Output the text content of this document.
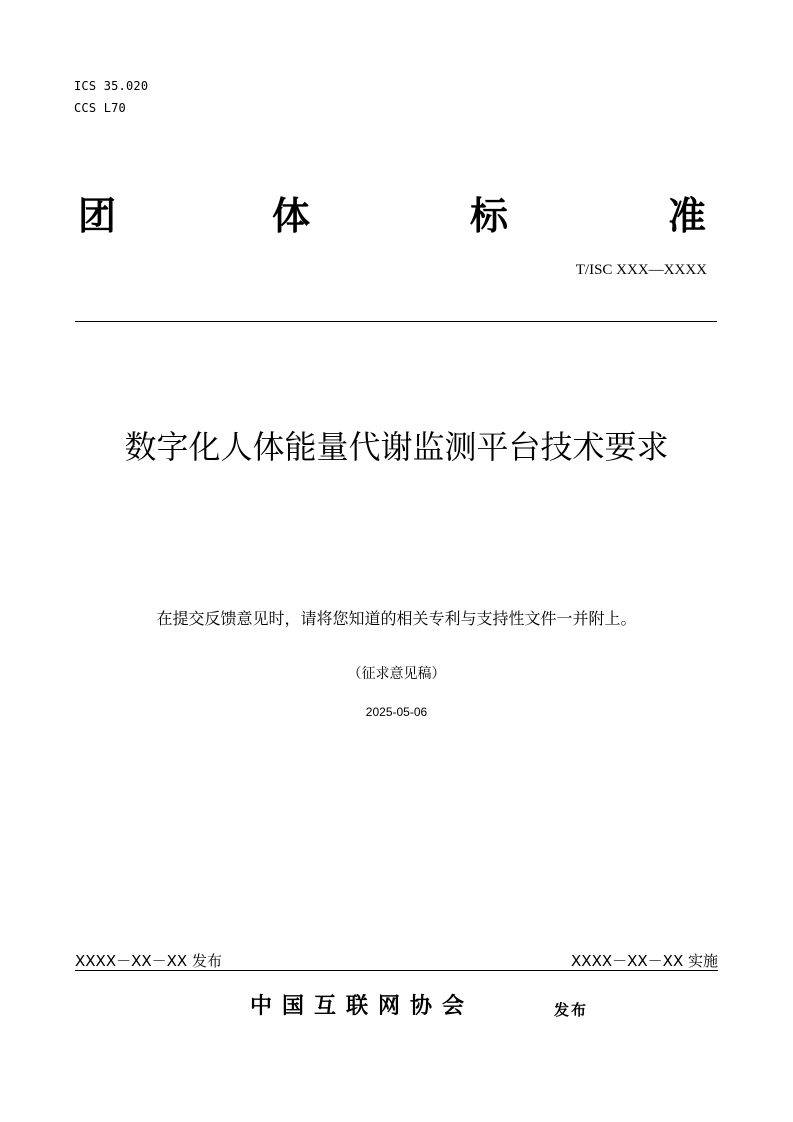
ICS 35.020
CCS L70
团	体	标	准
T/ISC XXX—XXXX
数字化人体能量代谢监测平台技术要求
在提交反馈意见时，请将您知道的相关专利与支持性文件一并附上。
（征求意见稿）
2025-05-06
XXXX－XX－XX 发布	XXXX－XX－XX 实施
中国互联网协会	发布
